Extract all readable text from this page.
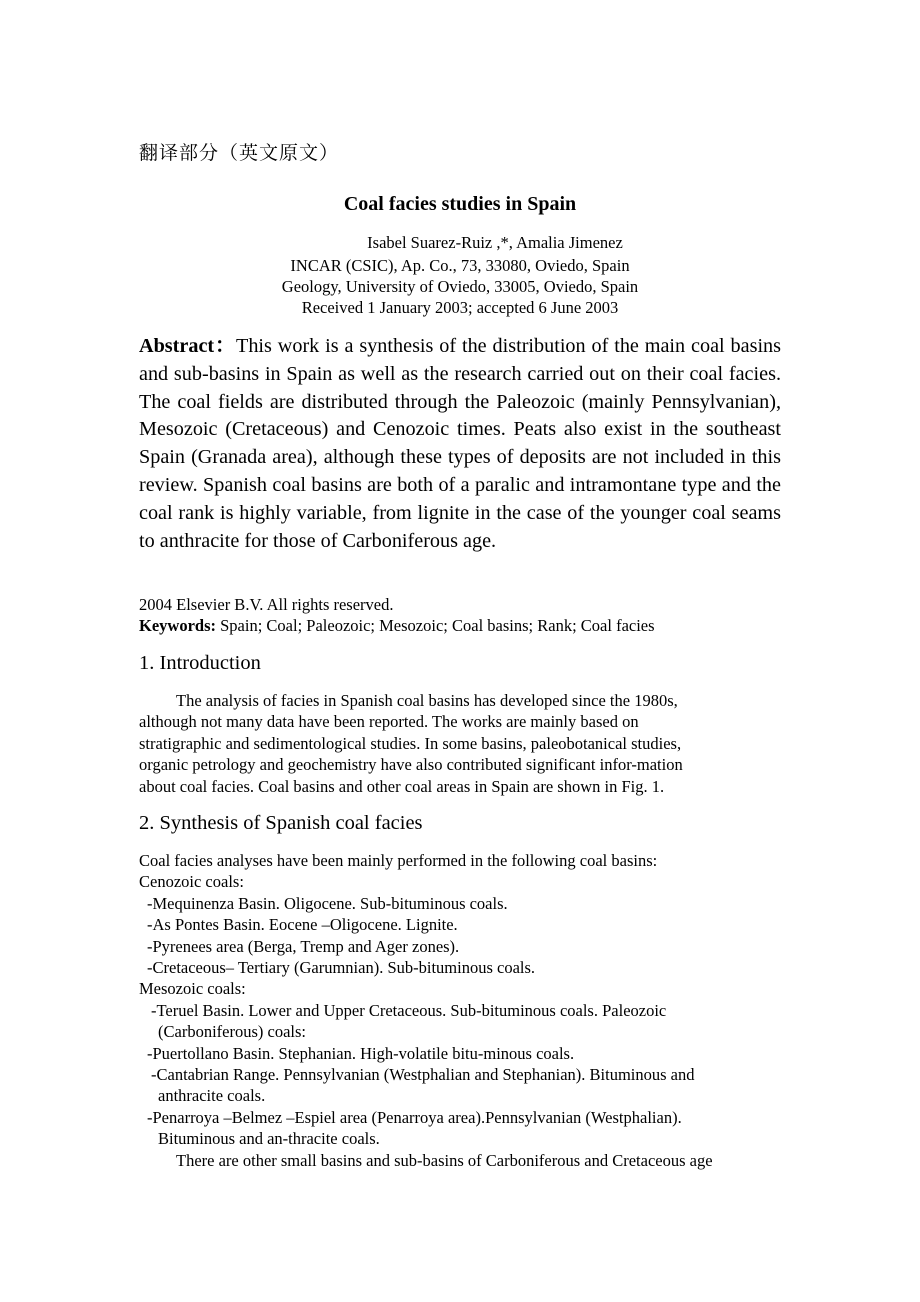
翻译部分（英文原文）
Coal facies studies in Spain
Isabel Suarez-Ruiz ,*, Amalia Jimenez
INCAR (CSIC), Ap. Co., 73, 33080, Oviedo, Spain
Geology, University of Oviedo, 33005, Oviedo, Spain
Received 1 January 2003; accepted 6 June 2003
Abstract：This work is a synthesis of the distribution of the main coal basins and sub-basins in Spain as well as the research carried out on their coal facies. The coal fields are distributed through the Paleozoic (mainly Pennsylvanian), Mesozoic (Cretaceous) and Cenozoic times. Peats also exist in the southeast Spain (Granada area), although these types of deposits are not included in this review. Spanish coal basins are both of a paralic and intramontane type and the coal rank is highly variable, from lignite in the case of the younger coal seams to anthracite for those of Carboniferous age.
2004 Elsevier B.V. All rights reserved.
Keywords: Spain; Coal; Paleozoic; Mesozoic; Coal basins; Rank; Coal facies
1. Introduction
The analysis of facies in Spanish coal basins has developed since the 1980s,
although not many data have been reported. The works are mainly based on
stratigraphic and sedimentological studies. In some basins, paleobotanical studies,
organic petrology and geochemistry have also contributed significant infor-mation
about coal facies. Coal basins and other coal areas in Spain are shown in Fig. 1.
2. Synthesis of Spanish coal facies
Coal facies analyses have been mainly performed in the following coal basins:
Cenozoic coals:
-Mequinenza Basin. Oligocene. Sub-bituminous coals.
-As Pontes Basin. Eocene –Oligocene. Lignite.
-Pyrenees area (Berga, Tremp and Ager zones).
-Cretaceous– Tertiary (Garumnian). Sub-bituminous coals.
Mesozoic coals:
-Teruel Basin. Lower and Upper Cretaceous. Sub-bituminous coals. Paleozoic
(Carboniferous) coals:
-Puertollano Basin. Stephanian. High-volatile bitu-minous coals.
-Cantabrian Range. Pennsylvanian (Westphalian and Stephanian). Bituminous and
anthracite coals.
-Penarroya –Belmez –Espiel area (Penarroya area).Pennsylvanian (Westphalian).
Bituminous and an-thracite coals.
There are other small basins and sub-basins of Carboniferous and Cretaceous age
